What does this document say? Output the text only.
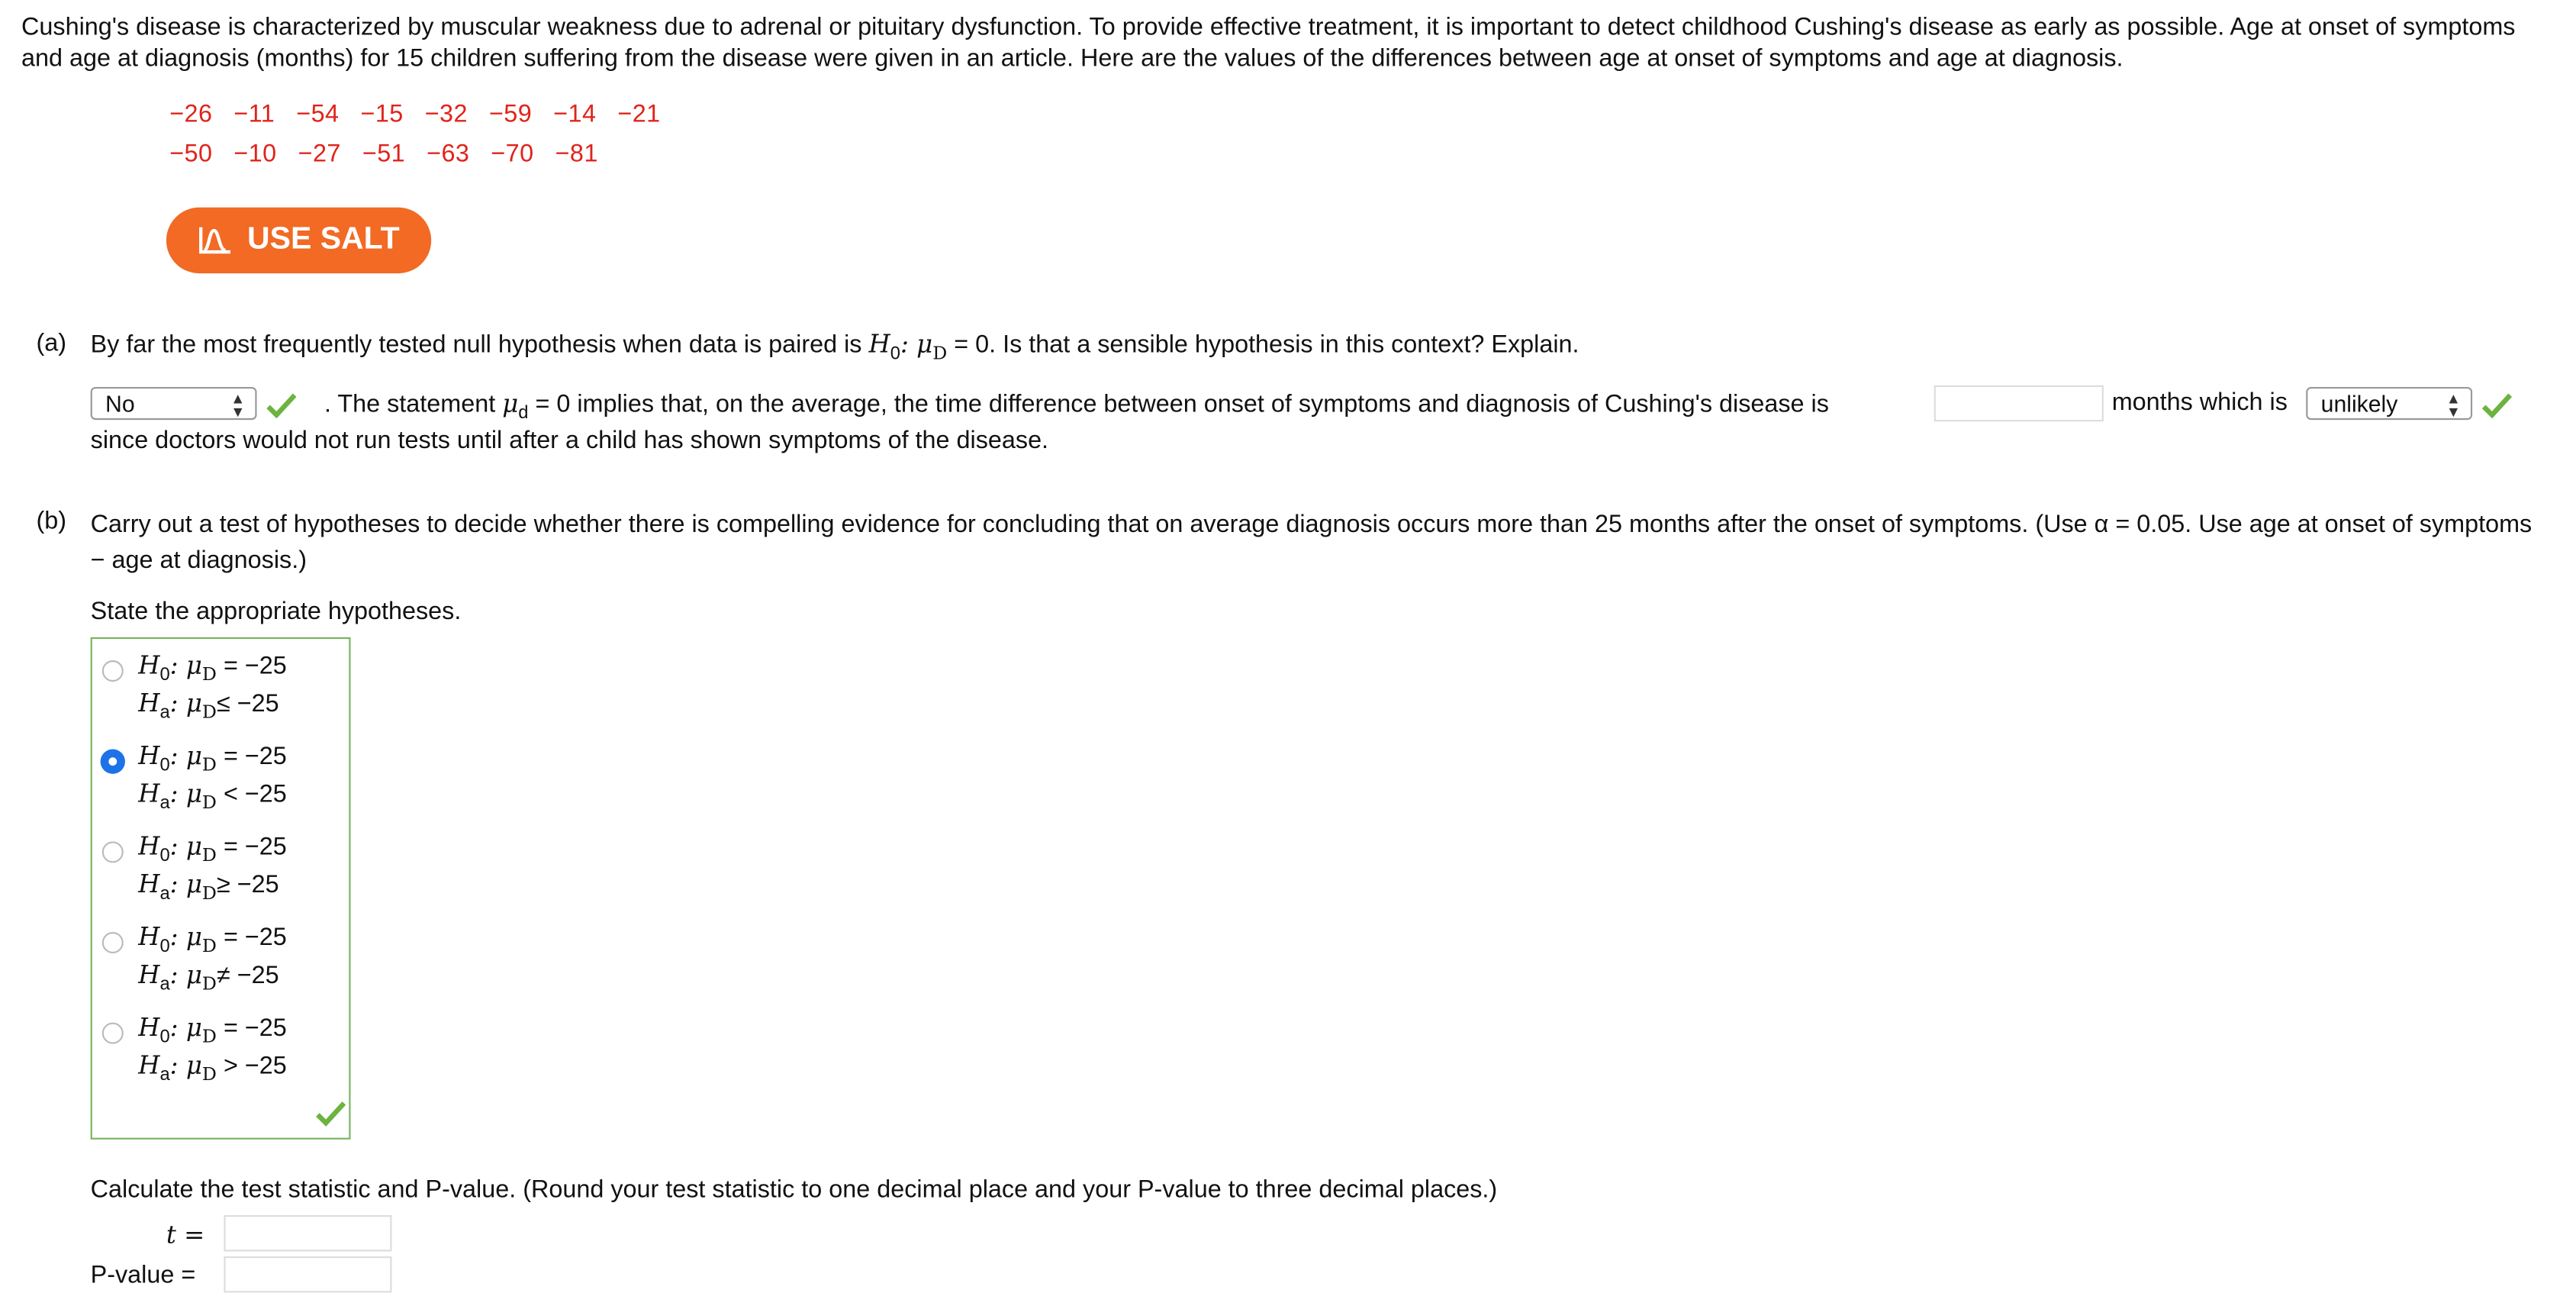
Cushing's disease is characterized by muscular weakness due to adrenal or pituitary dysfunction. To provide effective treatment, it is important to detect childhood Cushing's disease as early as possible. Age at onset of symptoms and age at diagnosis (months) for 15 children suffering from the disease were given in an article. Here are the values of the differences between age at onset of symptoms and age at diagnosis.
−26 −11 −54 −15 −32 −59 −14 −21
−50 −10 −27 −51 −63 −70 −81
USE SALT
(a) By far the most frequently tested null hypothesis when data is paired is $H_0$: $\mu_D = 0$. Is that a sensible hypothesis in this context? Explain.
No	▲
▼	. The statement $\mu_d = 0$ implies that, on the average, the time difference between onset of symptoms and diagnosis of Cushing's disease is	months which is	unlikely	▲
▼
since doctors would not run tests until after a child has shown symptoms of the disease.
(b) Carry out a test of hypotheses to decide whether there is compelling evidence for concluding that on average diagnosis occurs more than 25 months after the onset of symptoms. (Use α = 0.05. Use age at onset of symptoms − age at diagnosis.)
State the appropriate hypotheses.
$H_0$: $\mu_D = -25$
$H_a$: $\mu_D\le -25$
$H_0$: $\mu_D = -25$
$H_a$: $\mu_D < -25$
$H_0$: $\mu_D = -25$
$H_a$: $\mu_D\ge -25$
$H_0$: $\mu_D = -25$
$H_a$: $\mu_D\ne -25$
$H_0$: $\mu_D = -25$
$H_a$: $\mu_D > -25$
Calculate the test statistic and P-value. (Round your test statistic to one decimal place and your P-value to three decimal places.)
t =
P-value =
